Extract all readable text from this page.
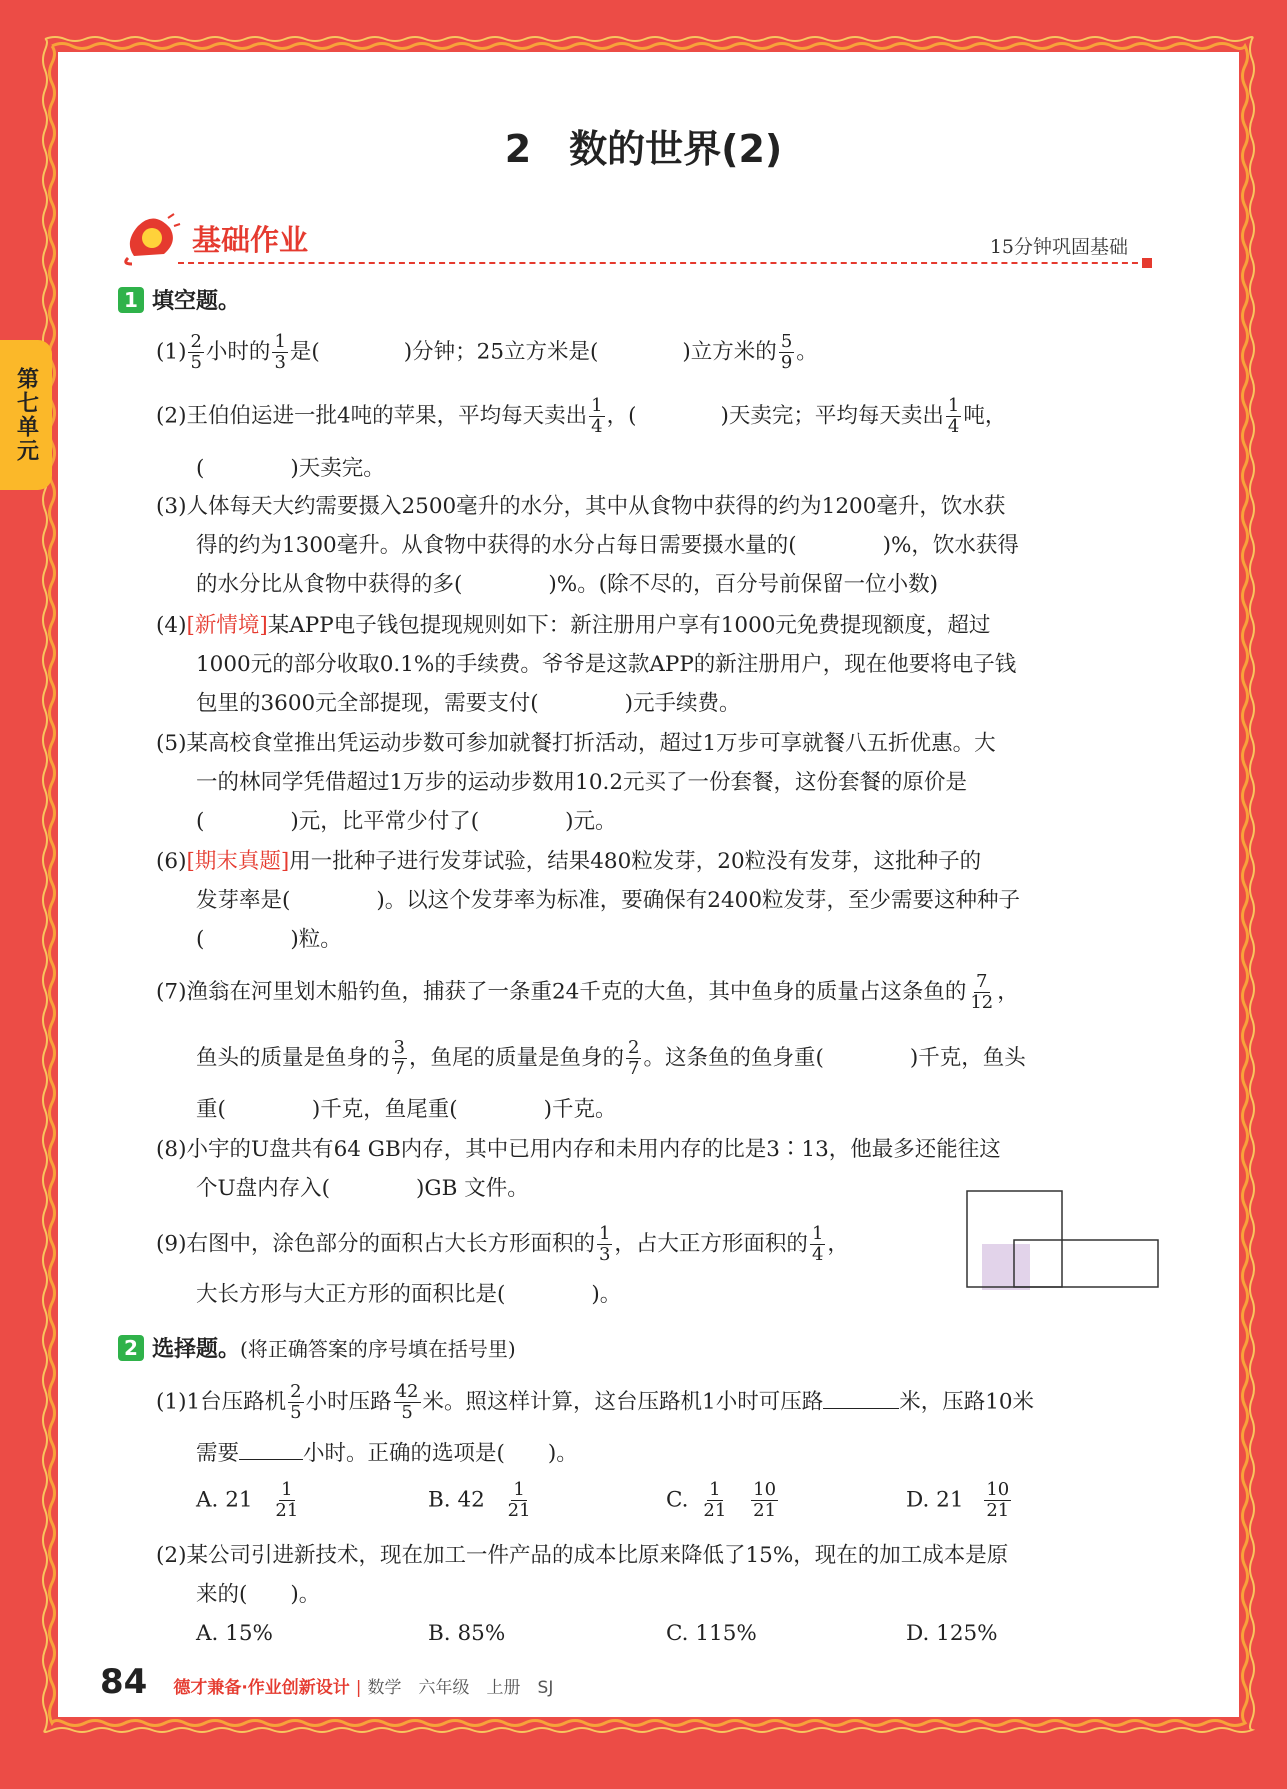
第七单元
2　数的世界(2)
基础作业	15分钟巩固基础
1 填空题。
$(1) \frac{2}{5}$ 小时的 $\frac{1}{3}$ 是(	)分钟；25立方米是(	)立方米的 $\frac{5}{9}$ 。
(2)王伯伯运进一批4吨的苹果，平均每天卖出 $\frac{1}{4}$ ，(	)天卖完；平均每天卖出 $\frac{1}{4}$ 吨，
(　　　　)天卖完。
(3)人体每天大约需要摄入2500毫升的水分，其中从食物中获得的约为1200毫升，饮水获
得的约为1300毫升。从食物中获得的水分占每日需要摄水量的(　　　　)%，饮水获得
的水分比从食物中获得的多(　　　　)%。(除不尽的，百分号前保留一位小数)
(4)[新情境]某APP电子钱包提现规则如下：新注册用户享有1000元免费提现额度，超过
1000元的部分收取0.1%的手续费。爷爷是这款APP的新注册用户，现在他要将电子钱
包里的3600元全部提现，需要支付(　　　　)元手续费。
(5)某高校食堂推出凭运动步数可参加就餐打折活动，超过1万步可享就餐八五折优惠。大
一的林同学凭借超过1万步的运动步数用10.2元买了一份套餐，这份套餐的原价是
(　　　　)元，比平常少付了(　　　　)元。
(6)[期末真题]用一批种子进行发芽试验，结果480粒发芽，20粒没有发芽，这批种子的
发芽率是(　　　　)。以这个发芽率为标准，要确保有2400粒发芽，至少需要这种种子
(　　　　)粒。
(7)渔翁在河里划木船钓鱼，捕获了一条重24千克的大鱼，其中鱼身的质量占这条鱼的 $\frac{7}{12}$ ，
鱼头的质量是鱼身的 $\frac{3}{7}$ ，鱼尾的质量是鱼身的 $\frac{2}{7}$ 。这条鱼的鱼身重(　　　　)千克，鱼头
重(　　　　)千克，鱼尾重(　　　　)千克。
(8)小宇的U盘共有64 GB内存，其中已用内存和未用内存的比是3∶13，他最多还能往这
个U盘内存入(　　　　)GB 文件。
(9)右图中，涂色部分的面积占大长方形面积的 $\frac{1}{3}$ ，占大正方形面积的 $\frac{1}{4}$ ，
大长方形与大正方形的面积比是(　　　　)。
2 选择题。 (将正确答案的序号填在括号里)
(1)1台压路机 $\frac{2}{5}$ 小时压路 $\frac{42}{5}$ 米。照这样计算，这台压路机1小时可压路	米，压路10米
需要	小时。正确的选项是(　　)。
A. $21 \frac{1}{21}$	B. $42 \frac{1}{21}$	C. $\frac{1}{21}$
$\frac{10}{21}$	D. $21 \frac{10}{21}$
(2)某公司引进新技术，现在加工一件产品的成本比原来降低了15%，现在的加工成本是原
来的(　　)。
A. 15%	B. 85%	C. 115%	D. 125%
84 德才兼备·作业创新设计 | 数学　六年级　上册　SJ
